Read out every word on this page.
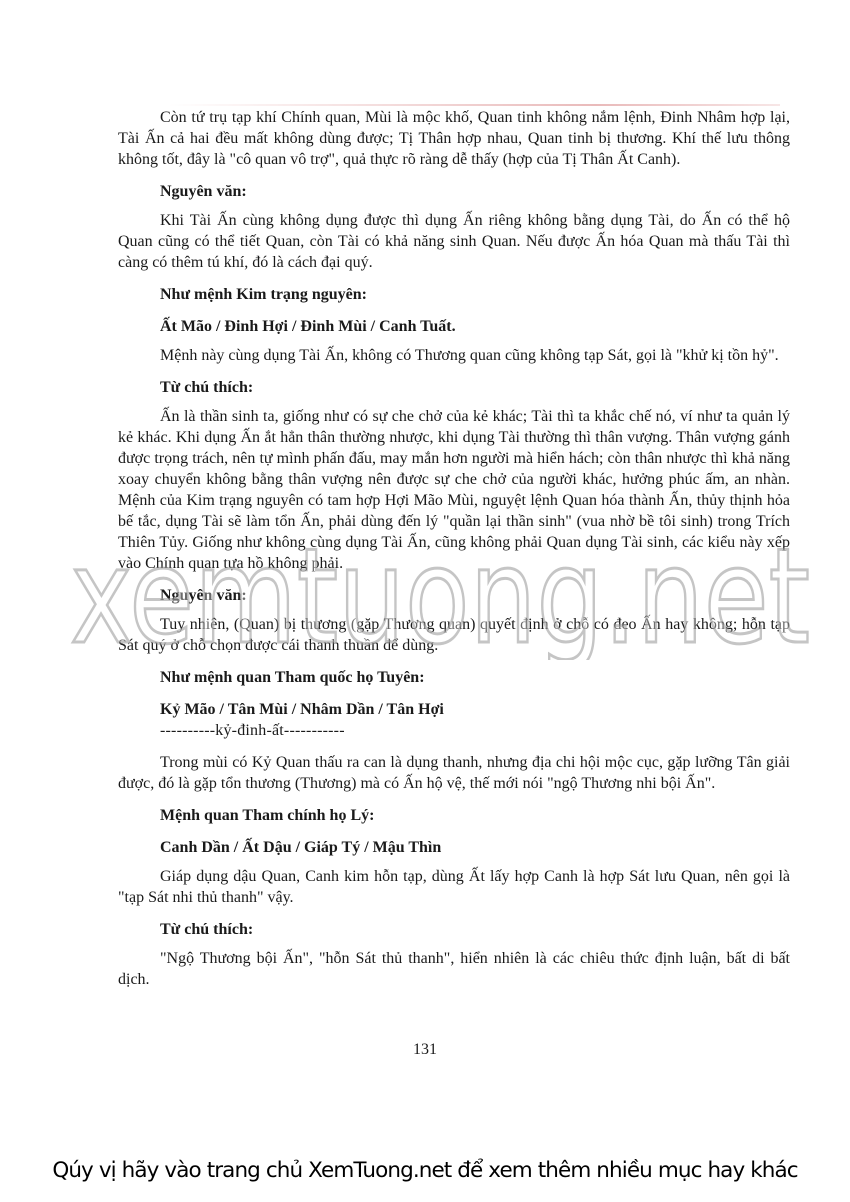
Còn tứ trụ tạp khí Chính quan, Mùi là mộc khố, Quan tinh không nắm lệnh, Đinh Nhâm hợp lại, Tài Ấn cả hai đều mất không dùng được; Tị Thân hợp nhau, Quan tinh bị thương. Khí thế lưu thông không tốt, đây là "cô quan vô trợ", quả thực rõ ràng dễ thấy (hợp của Tị Thân Ất Canh).

Nguyên văn:

Khi Tài Ấn cùng không dụng được thì dụng Ấn riêng không bằng dụng Tài, do Ấn có thể hộ Quan cũng có thể tiết Quan, còn Tài có khả năng sinh Quan. Nếu được Ấn hóa Quan mà thấu Tài thì càng có thêm tú khí, đó là cách đại quý.

Như mệnh Kim trạng nguyên:

Ất Mão / Đinh Hợi / Đinh Mùi / Canh Tuất.

Mệnh này cùng dụng Tài Ấn, không có Thương quan cũng không tạp Sát, gọi là "khử kị tồn hỷ".

Từ chú thích:

Ấn là thần sinh ta, giống như có sự che chở của kẻ khác; Tài thì ta khắc chế nó, ví như ta quản lý kẻ khác. Khi dụng Ấn ắt hẳn thân thường nhược, khi dụng Tài thường thì thân vượng. Thân vượng gánh được trọng trách, nên tự mình phấn đấu, may mắn hơn người mà hiển hách; còn thân nhược thì khả năng xoay chuyển không bằng thân vượng nên được sự che chở của người khác, hưởng phúc ấm, an nhàn. Mệnh của Kim trạng nguyên có tam hợp Hợi Mão Mùi, nguyệt lệnh Quan hóa thành Ấn, thủy thịnh hỏa bế tắc, dụng Tài sẽ làm tổn Ấn, phải dùng đến lý "quần lại thần sinh" (vua nhờ bề tôi sinh) trong Trích Thiên Tủy. Giống như không cùng dụng Tài Ấn, cũng không phải Quan dụng Tài sinh, các kiểu này xếp vào Chính quan tựa hồ không phải.

Nguyên văn:

Tuy nhiên, (Quan) bị thương (gặp Thương quan) quyết định ở chỗ có đeo Ấn hay không; hỗn tạp Sát quý ở chỗ chọn được cái thanh thuần để dùng.

Như mệnh quan Tham quốc họ Tuyên:

Kỷ Mão / Tân Mùi / Nhâm Dần / Tân Hợi

----------kỷ-đinh-ất-----------

Trong mùi có Kỷ Quan thấu ra can là dụng thanh, nhưng địa chi hội mộc cục, gặp lưỡng Tân giải được, đó là gặp tổn thương (Thương) mà có Ấn hộ vệ, thế mới nói "ngộ Thương nhi bội Ấn".

Mệnh quan Tham chính họ Lý:

Canh Dần / Ất Dậu / Giáp Tý / Mậu Thìn

Giáp dụng dậu Quan, Canh kim hỗn tạp, dùng Ất lấy hợp Canh là hợp Sát lưu Quan, nên gọi là "tạp Sát nhi thủ thanh" vậy.

Từ chú thích:

"Ngộ Thương bội Ấn", "hỗn Sát thủ thanh", hiển nhiên là các chiêu thức định luận, bất di bất dịch.

131
xemtuong.net
Qúy vị hãy vào trang chủ XemTuong.net để xem thêm nhiều mục hay khác
